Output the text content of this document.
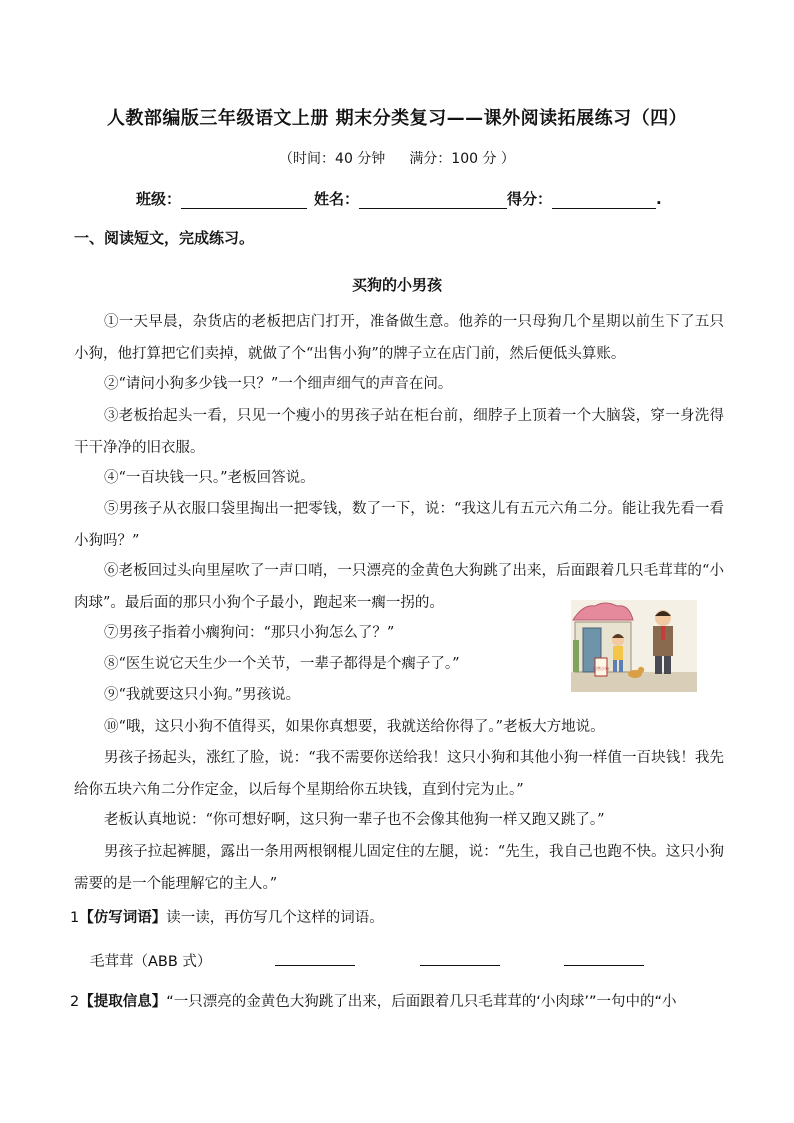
人教部编版三年级语文上册 期末分类复习——课外阅读拓展练习（四）
（时间：40 分钟 满分：100 分 ）
班级：	姓名：	得分：	.
一、阅读短文，完成练习。
买狗的小男孩
①一天早晨，杂货店的老板把店门打开，准备做生意。他养的一只母狗几个星期以前生下了五只小狗，他打算把它们卖掉，就做了个“出售小狗”的牌子立在店门前，然后便低头算账。
②“请问小狗多少钱一只？”一个细声细气的声音在问。
③老板抬起头一看，只见一个瘦小的男孩子站在柜台前，细脖子上顶着一个大脑袋，穿一身洗得干干净净的旧衣服。
④“一百块钱一只。”老板回答说。
⑤男孩子从衣服口袋里掏出一把零钱，数了一下，说：“我这儿有五元六角二分。能让我先看一看小狗吗？”
⑥老板回过头向里屋吹了一声口哨，一只漂亮的金黄色大狗跳了出来，后面跟着几只毛茸茸的“小肉球”。最后面的那只小狗个子最小，跑起来一瘸一拐的。
⑦男孩子指着小瘸狗问：“那只小狗怎么了？”
⑧“医生说它天生少一个关节，一辈子都得是个瘸子了。”
⑨“我就要这只小狗。”男孩说。
⑩“哦，这只小狗不值得买，如果你真想要，我就送给你得了。”老板大方地说。
男孩子扬起头，涨红了脸，说：“我不需要你送给我！这只小狗和其他小狗一样值一百块钱！我先给你五块六角二分作定金，以后每个星期给你五块钱，直到付完为止。”
老板认真地说：“你可想好啊，这只狗一辈子也不会像其他狗一样又跑又跳了。”
男孩子拉起裤腿，露出一条用两根钢棍儿固定住的左腿，说：“先生，我自己也跑不快。这只小狗需要的是一个能理解它的主人。”
出售小狗
1【仿写词语】读一读，再仿写几个这样的词语。
毛茸茸（ABB 式）
2【提取信息】“一只漂亮的金黄色大狗跳了出来，后面跟着几只毛茸茸的‘小肉球’”一句中的“小
